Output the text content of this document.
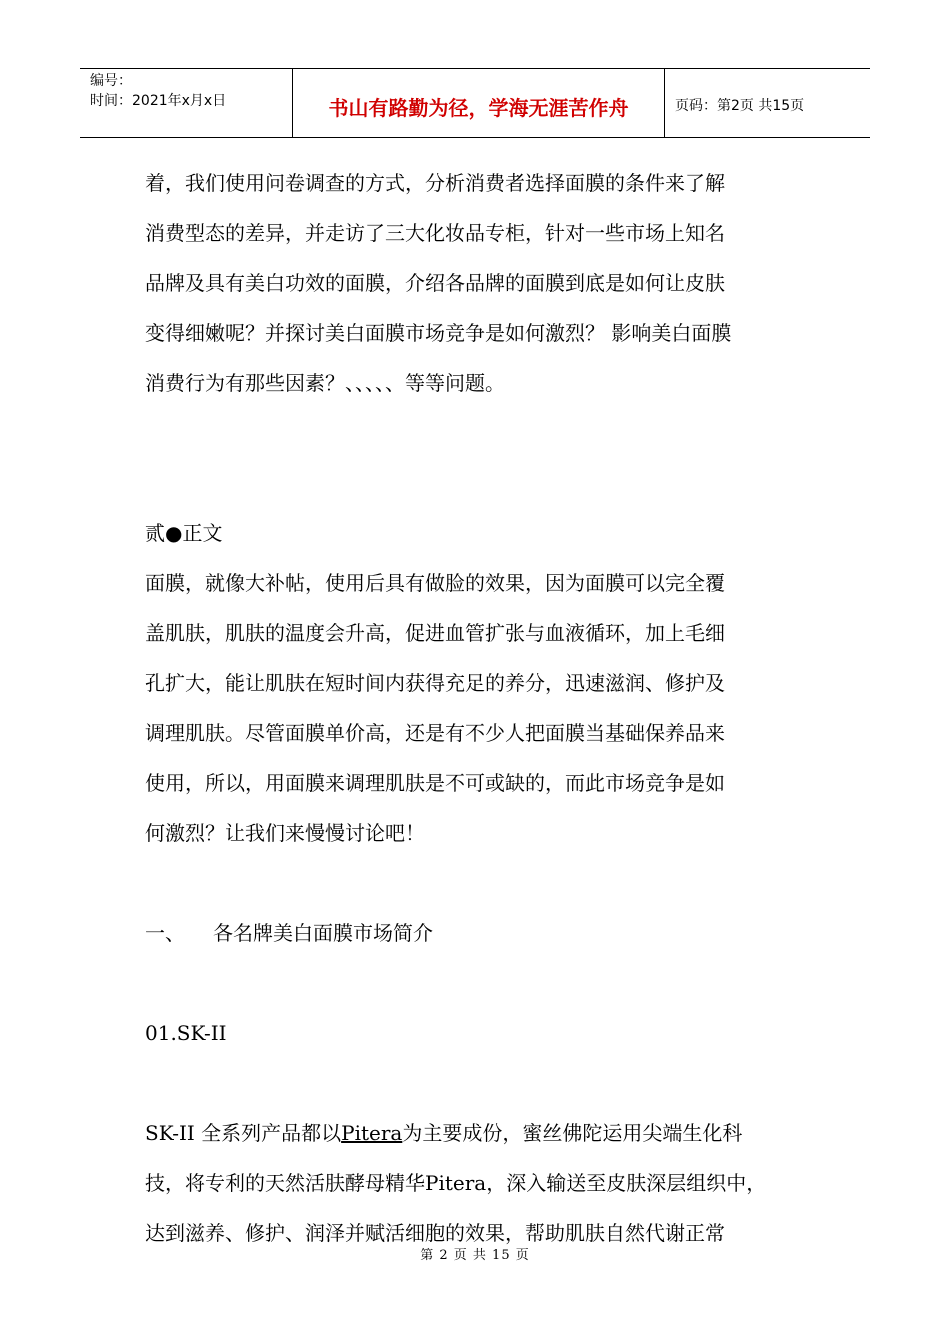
编号：
时间：2021年x月x日	书山有路勤为径，学海无涯苦作舟	页码：第2页 共15页
着，我们使用问卷调查的方式，分析消费者选择面膜的条件来了解
消费型态的差异，并走访了三大化妆品专柜，针对一些市场上知名
品牌及具有美白功效的面膜，介绍各品牌的面膜到底是如何让皮肤
变得细嫩呢？并探讨美白面膜市场竞争是如何激烈？ 影响美白面膜
消费行为有那些因素？、、、、、等等问题。
贰●正文
面膜，就像大补帖，使用后具有做脸的效果，因为面膜可以完全覆
盖肌肤，肌肤的温度会升高，促进血管扩张与血液循环，加上毛细
孔扩大，能让肌肤在短时间内获得充足的养分，迅速滋润、修护及
调理肌肤。尽管面膜单价高，还是有不少人把面膜当基础保养品来
使用，所以，用面膜来调理肌肤是不可或缺的，而此市场竞争是如
何激烈？让我们来慢慢讨论吧！
一、 各名牌美白面膜市场简介
01.SK-II
SK-II 全系列产品都以Pitera为主要成份，蜜丝佛陀运用尖端生化科
技，将专利的天然活肤酵母精华Pitera，深入输送至皮肤深层组织中，
达到滋养、修护、润泽并赋活细胞的效果，帮助肌肤自然代谢正常
第 2 页 共 15 页
